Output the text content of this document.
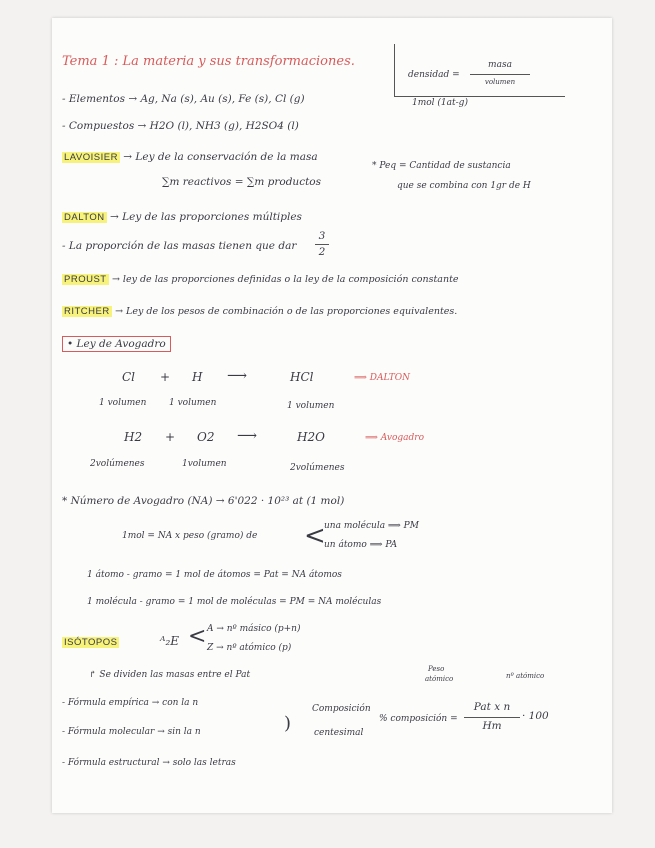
Tema 1 : La materia y sus transformaciones.
densidad =
masa
volumen
1mol (1at-g)
- Elementos → Ag, Na (s), Au (s), Fe (s), Cl (g)
- Compuestos → H2O (l), NH3 (g), H2SO4 (l)
LAVOISIER → Ley de la conservación de la masa
∑m reactivos = ∑m productos
* Peq = Cantidad de sustancia
que se combina con 1gr de H
DALTON → Ley de las proporciones múltiples
- La proporción de las masas tienen que dar
3
2
PROUST → ley de las proporciones definidas o la ley de la composición constante
RITCHER → Ley de los pesos de combinación o de las proporciones equivalentes.
• Ley de Avogadro
Cl + H ⟶	HCl	⟹ DALTON
1 volumen	1 volumen	1 volumen
H2 + O2 ⟶	H2O	⟹ Avogadro
2volúmenes	1volumen	2volúmenes
* Número de Avogadro (NA) → 6'022 · 10²³ at (1 mol)
1mol = NA x peso (gramo) de <
una molécula ⟹ PM
un átomo ⟹ PA
1 átomo - gramo = 1 mol de átomos = Pat = NA átomos
1 molécula - gramo = 1 mol de moléculas = PM = NA moléculas
ISÓTOPOS	ᴬ₂E < A → nº másico (p+n)
Z → nº atómico (p)
↱ Se dividen las masas entre el Pat
- Fórmula empírica → con la n
- Fórmula molecular → sin la n
- Fórmula estructural → solo las letras
)
Composición
centesimal
% composición =
Peso
atómico	nº atómico
Pat x n
Hm
· 100
